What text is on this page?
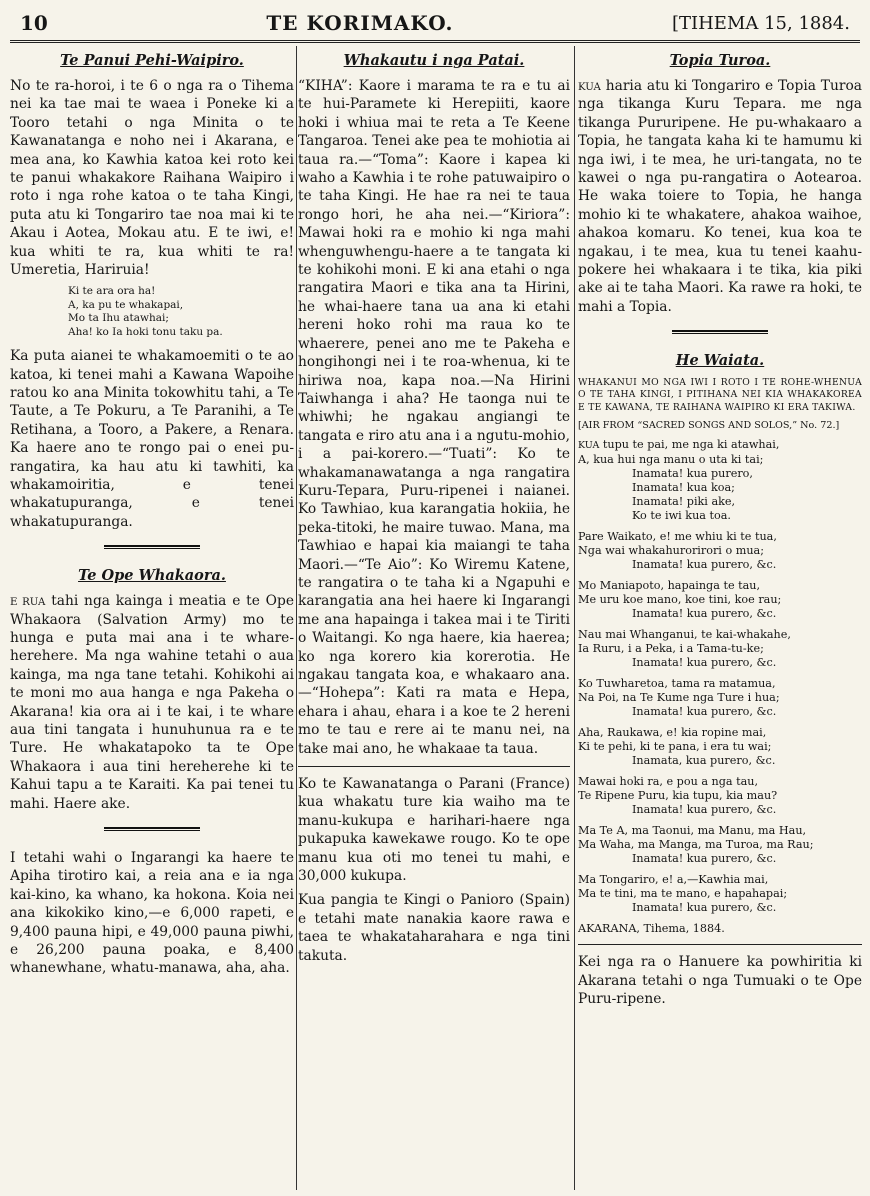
10	TE KORIMAKO.	[TIHEMA 15, 1884.
Te Panui Pehi-Waipiro.

No te ra-horoi, i te 6 o nga ra o Tihema nei ka tae mai te waea i Poneke ki a Tooro tetahi o nga Minita o te Kawanatanga e noho nei i Akarana, e mea ana, ko Kawhia katoa kei roto kei te panui whakakore Raihana Waipiro i roto i nga rohe katoa o te taha Kingi, puta atu ki Tongariro tae noa mai ki te Akau i Aotea, Mokau atu. E te iwi, e! kua whiti te ra, kua whiti te ra! Umeretia, Hariruia!

Ki te ara ora ha!
A, ka pu te whakapai,
Mo ta Ihu atawhai;
Aha! ko Ia hoki tonu taku pa.

Ka puta aianei te whakamoemiti o te ao katoa, ki tenei mahi a Kawana Wapoihe ratou ko ana Minita tokowhitu tahi, a Te Taute, a Te Pokuru, a Te Paranihi, a Te Retihana, a Tooro, a Pakere, a Renara. Ka haere ano te rongo pai o enei pu-rangatira, ka hau atu ki tawhiti, ka whakamoiritia, e tenei whakatupuranga, e tenei whakatupuranga.

Te Ope Whakaora.

E RUA tahi nga kainga i meatia e te Ope Whakaora (Salvation Army) mo te hunga e puta mai ana i te whare-herehere. Ma nga wahine tetahi o aua kainga, ma nga tane tetahi. Kohikohi ai te moni mo aua hanga e nga Pakeha o Akarana! kia ora ai i te kai, i te whare aua tini tangata i hunuhunua ra e te Ture. He whakatapoko ta te Ope Whakaora i aua tini hereherehe ki te Kahui tapu a te Karaiti. Ka pai tenei tu mahi. Haere ake.

I tetahi wahi o Ingarangi ka haere te Apiha tirotiro kai, a reia ana e ia nga kai-kino, ka whano, ka hokona. Koia nei ana kikokiko kino,—e 6,000 rapeti, e 9,400 pauna hipi, e 49,000 pauna piwhi, e 26,200 pauna poaka, e 8,400 whanewhane, whatu-manawa, aha, aha.

Whakautu i nga Patai.

“KIHA”: Kaore i marama te ra e tu ai te hui-Paramete ki Herepiiti, kaore hoki i whiua mai te reta a Te Keene Tangaroa. Tenei ake pea te mohiotia ai taua ra.—“Toma”: Kaore i kapea ki waho a Kawhia i te rohe patuwaipiro o te taha Kingi. He hae ra nei te taua rongo hori, he aha nei.—“Kiriora”: Mawai hoki ra e mohio ki nga mahi whenguwhengu-haere a te tangata ki te kohikohi moni. E ki ana etahi o nga rangatira Maori e tika ana ta Hirini, he whai-haere tana ua ana ki etahi hereni hoko rohi ma raua ko te whaerere, penei ano me te Pakeha e hongihongi nei i te roa-whenua, ki te hiriwa noa, kapa noa.—Na Hirini Taiwhanga i aha? He taonga nui te whiwhi; he ngakau angiangi te tangata e riro atu ana i a ngutu-mohio, i a pai-korero.—“Tuati”: Ko te whakamanawatanga a nga rangatira Kuru-Tepara, Puru-ripenei i naianei. Ko Tawhiao, kua karangatia hokiia, he peka-titoki, he maire tuwao. Mana, ma Tawhiao e hapai kia maiangi te taha Maori.—“Te Aio”: Ko Wiremu Katene, te rangatira o te taha ki a Ngapuhi e karangatia ana hei haere ki Ingarangi me ana hapainga i takea mai i te Tiriti o Waitangi. Ko nga haere, kia haerea; ko nga korero kia korerotia. He ngakau tangata koa, e whakaaro ana.—“Hohepa”: Kati ra mata e Hepa, ehara i ahau, ehara i a koe te 2 hereni mo te tau e rere ai te manu nei, na take mai ano, he whakaae ta taua.

Ko te Kawanatanga o Parani (France) kua whakatu ture kia waiho ma te manu-kukupa e harihari-haere nga pukapuka kawekawe rougo. Ko te ope manu kua oti mo tenei tu mahi, e 30,000 kukupa.

Kua pangia te Kingi o Panioro (Spain) e tetahi mate nanakia kaore rawa e taea te whakataharahara e nga tini takuta.

Topia Turoa.

KUA haria atu ki Tongariro e Topia Turoa nga tikanga Kuru Tepara. me nga tikanga Pururipene. He pu-whakaaro a Topia, he tangata kaha ki te hamumu ki nga iwi, i te mea, he uri-tangata, no te kawei o nga pu-rangatira o Aotearoa. He waka toiere to Topia, he hanga mohio ki te whakatere, ahakoa waihoe, ahakoa komaru. Ko tenei, kua koa te ngakau, i te mea, kua tu tenei kaahu-pokere hei whakaara i te tika, kia piki ake ai te taha Maori. Ka rawe ra hoki, te mahi a Topia.

He Waiata.

WHAKANUI MO NGA IWI I ROTO I TE ROHE-WHENUA O TE TAHA KINGI, I PITIHANA NEI KIA WHAKAKOREA E TE KAWANA, TE RAIHANA WAIPIRO KI ERA TAKIWA.

[AIR FROM “SACRED SONGS AND SOLOS,” No. 72.]

KUA tupu te pai, me nga ki atawhai,

A, kua hui nga manu o uta ki tai;

Inamata! kua purero,

Inamata! kua koa;

Inamata! piki ake,

Ko te iwi kua toa.

Pare Waikato, e! me whiu ki te tua,

Nga wai whakahurorirori o mua;

Inamata! kua purero, &c.

Mo Maniapoto, hapainga te tau,

Me uru koe mano, koe tini, koe rau;

Inamata! kua purero, &c.

Nau mai Whanganui, te kai-whakahe,

Ia Ruru, i a Peka, i a Tama-tu-ke;

Inamata! kua purero, &c.

Ko Tuwharetoa, tama ra matamua,

Na Poi, na Te Kume nga Ture i hua;

Inamata! kua purero, &c.

Aha, Raukawa, e! kia ropine mai,

Ki te pehi, ki te pana, i era tu wai;

Inamata, kua purero, &c.

Mawai hoki ra, e pou a nga tau,

Te Ripene Puru, kia tupu, kia mau?

Inamata! kua purero, &c.

Ma Te A, ma Taonui, ma Manu, ma Hau,

Ma Waha, ma Manga, ma Turoa, ma Rau;

Inamata! kua purero, &c.

Ma Tongariro, e! a,—Kawhia mai,

Ma te tini, ma te mano, e hapahapai;

Inamata! kua purero, &c.

AKARANA, Tihema, 1884.

Kei nga ra o Hanuere ka powhiritia ki Akarana tetahi o nga Tumuaki o te Ope Puru-ripene.
